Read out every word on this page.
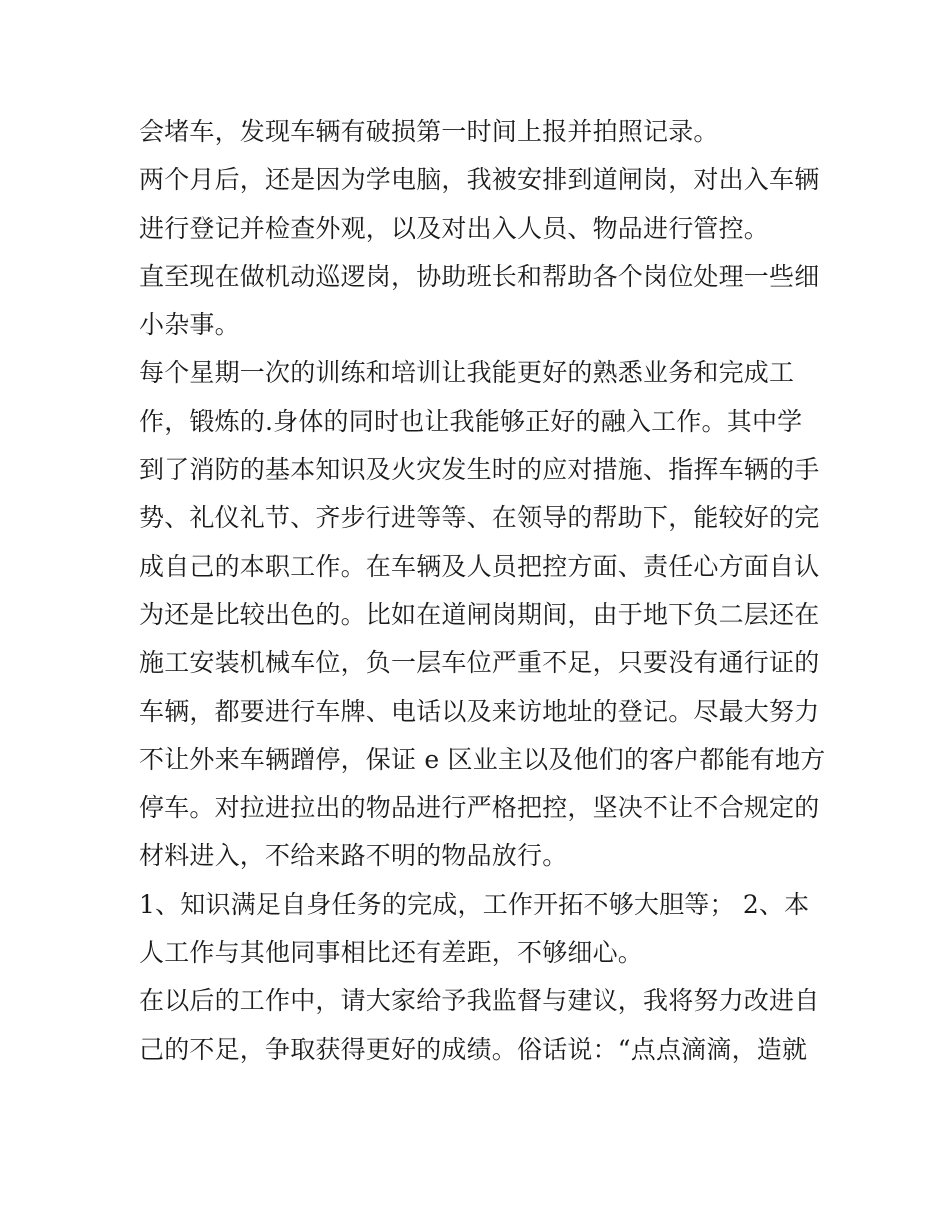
会堵车，发现车辆有破损第一时间上报并拍照记录。
两个月后，还是因为学电脑，我被安排到道闸岗，对出入车辆
进行登记并检查外观，以及对出入人员、物品进行管控。
直至现在做机动巡逻岗，协助班长和帮助各个岗位处理一些细
小杂事。
每个星期一次的训练和培训让我能更好的熟悉业务和完成工
作，锻炼的.身体的同时也让我能够正好的融入工作。其中学
到了消防的基本知识及火灾发生时的应对措施、指挥车辆的手
势、礼仪礼节、齐步行进等等、在领导的帮助下，能较好的完
成自己的本职工作。在车辆及人员把控方面、责任心方面自认
为还是比较出色的。比如在道闸岗期间，由于地下负二层还在
施工安装机械车位，负一层车位严重不足，只要没有通行证的
车辆，都要进行车牌、电话以及来访地址的登记。尽最大努力
不让外来车辆蹭停，保证 e 区业主以及他们的客户都能有地方
停车。对拉进拉出的物品进行严格把控，坚决不让不合规定的
材料进入，不给来路不明的物品放行。
1、知识满足自身任务的完成，工作开拓不够大胆等； 2、本
人工作与其他同事相比还有差距，不够细心。
在以后的工作中，请大家给予我监督与建议，我将努力改进自
己的不足，争取获得更好的成绩。俗话说：“点点滴滴，造就
